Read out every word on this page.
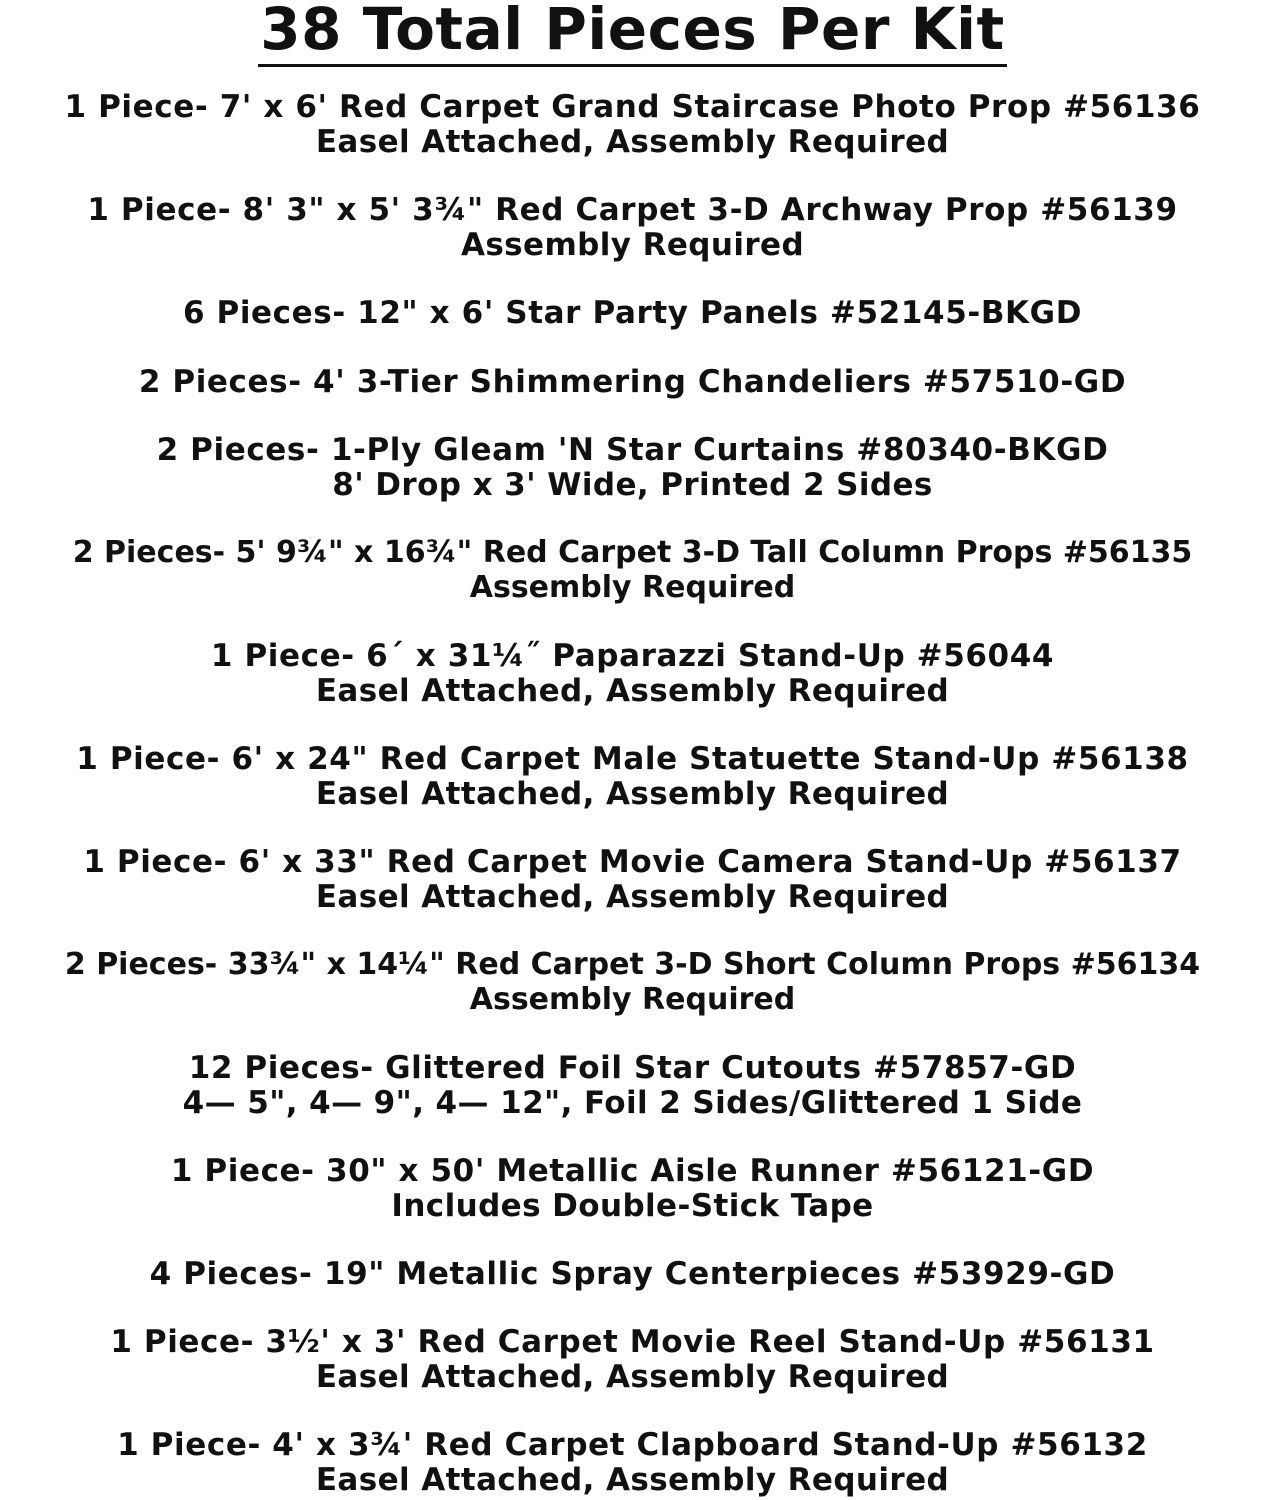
38 Total Pieces Per Kit
1 Piece- 7' x 6' Red Carpet Grand Staircase Photo Prop #56136
Easel Attached, Assembly Required
1 Piece- 8' 3" x 5' 3¾" Red Carpet 3-D Archway Prop #56139
Assembly Required
6 Pieces- 12" x 6' Star Party Panels #52145-BKGD
2 Pieces- 4' 3-Tier Shimmering Chandeliers #57510-GD
2 Pieces- 1-Ply Gleam 'N Star Curtains #80340-BKGD
8' Drop x 3' Wide, Printed 2 Sides
2 Pieces- 5' 9¾" x 16¾" Red Carpet 3-D Tall Column Props #56135
Assembly Required
1 Piece- 6´ x 31¼˝ Paparazzi Stand-Up #56044
Easel Attached, Assembly Required
1 Piece- 6' x 24" Red Carpet Male Statuette Stand-Up #56138
Easel Attached, Assembly Required
1 Piece- 6' x 33" Red Carpet Movie Camera Stand-Up #56137
Easel Attached, Assembly Required
2 Pieces- 33¾" x 14¼" Red Carpet 3-D Short Column Props #56134
Assembly Required
12 Pieces- Glittered Foil Star Cutouts #57857-GD
4— 5", 4— 9", 4— 12", Foil 2 Sides/Glittered 1 Side
1 Piece- 30" x 50' Metallic Aisle Runner #56121-GD
Includes Double-Stick Tape
4 Pieces- 19" Metallic Spray Centerpieces #53929-GD
1 Piece- 3½' x 3' Red Carpet Movie Reel Stand-Up #56131
Easel Attached, Assembly Required
1 Piece- 4' x 3¾' Red Carpet Clapboard Stand-Up #56132
Easel Attached, Assembly Required
